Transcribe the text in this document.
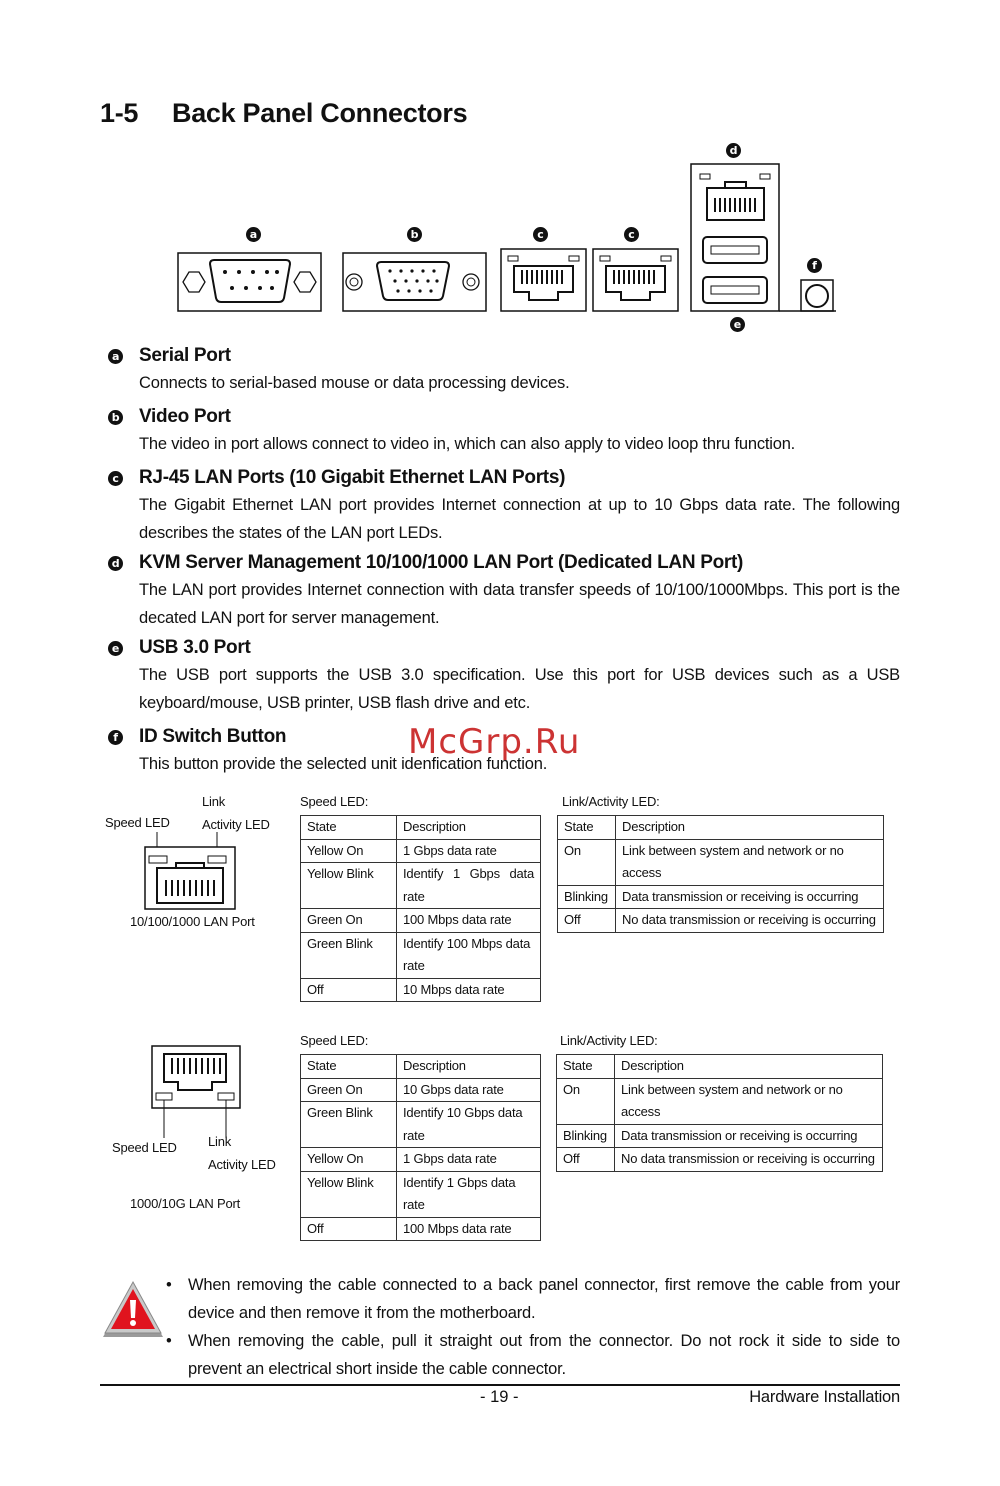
1-5 Back Panel Connectors
a	b	c	c
d
e
f
a Serial Port
Connects to serial-based mouse or data processing devices.
b Video Port
The video in port allows connect to video in, which can also apply to video loop thru function.
c RJ-45 LAN Ports (10 Gigabit Ethernet LAN Ports)
The Gigabit Ethernet LAN port provides Internet connection at up to 10 Gbps data rate. The following describes the states of the LAN port LEDs.
d KVM Server Management 10/100/1000 LAN Port (Dedicated LAN Port)
The LAN port provides Internet connection with data transfer speeds of 10/100/1000Mbps. This port is the decated LAN port for server management.
e USB 3.0 Port
The USB port supports the USB 3.0 specification. Use this port for USB devices such as a USB keyboard/mouse, USB printer, USB flash drive and etc.
f ID Switch Button
This button provide the selected unit idenfication function.
McGrp.Ru
Link
Speed LED Activity LED
10/100/1000 LAN Port
Speed LED:
State	Description
Yellow On	1 Gbps data rate
Yellow Blink	Identify 1 Gbps data rate
Green On	100 Mbps data rate
Green Blink	Identify 100 Mbps data rate
Off	10 Mbps data rate
Link/Activity LED:
State	Description
On	Link between system and network or no access
Blinking	Data transmission or receiving is occurring
Off	No data transmission or receiving is occurring
Speed LED Link
Activity LED
1000/10G LAN Port
Speed LED:
State	Description
Green On	10 Gbps data rate
Green Blink	Identify 10 Gbps data rate
Yellow On	1 Gbps data rate
Yellow Blink	Identify 1 Gbps data rate
Off	100 Mbps data rate
Link/Activity LED:
State	Description
On	Link between system and network or no access
Blinking	Data transmission or receiving is occurring
Off	No data transmission or receiving is occurring
• When removing the cable connected to a back panel connector, first remove the cable from your device and then remove it from the motherboard.
• When removing the cable, pull it straight out from the connector. Do not rock it side to side to prevent an electrical short inside the cable connector.
- 19 -	Hardware Installation
